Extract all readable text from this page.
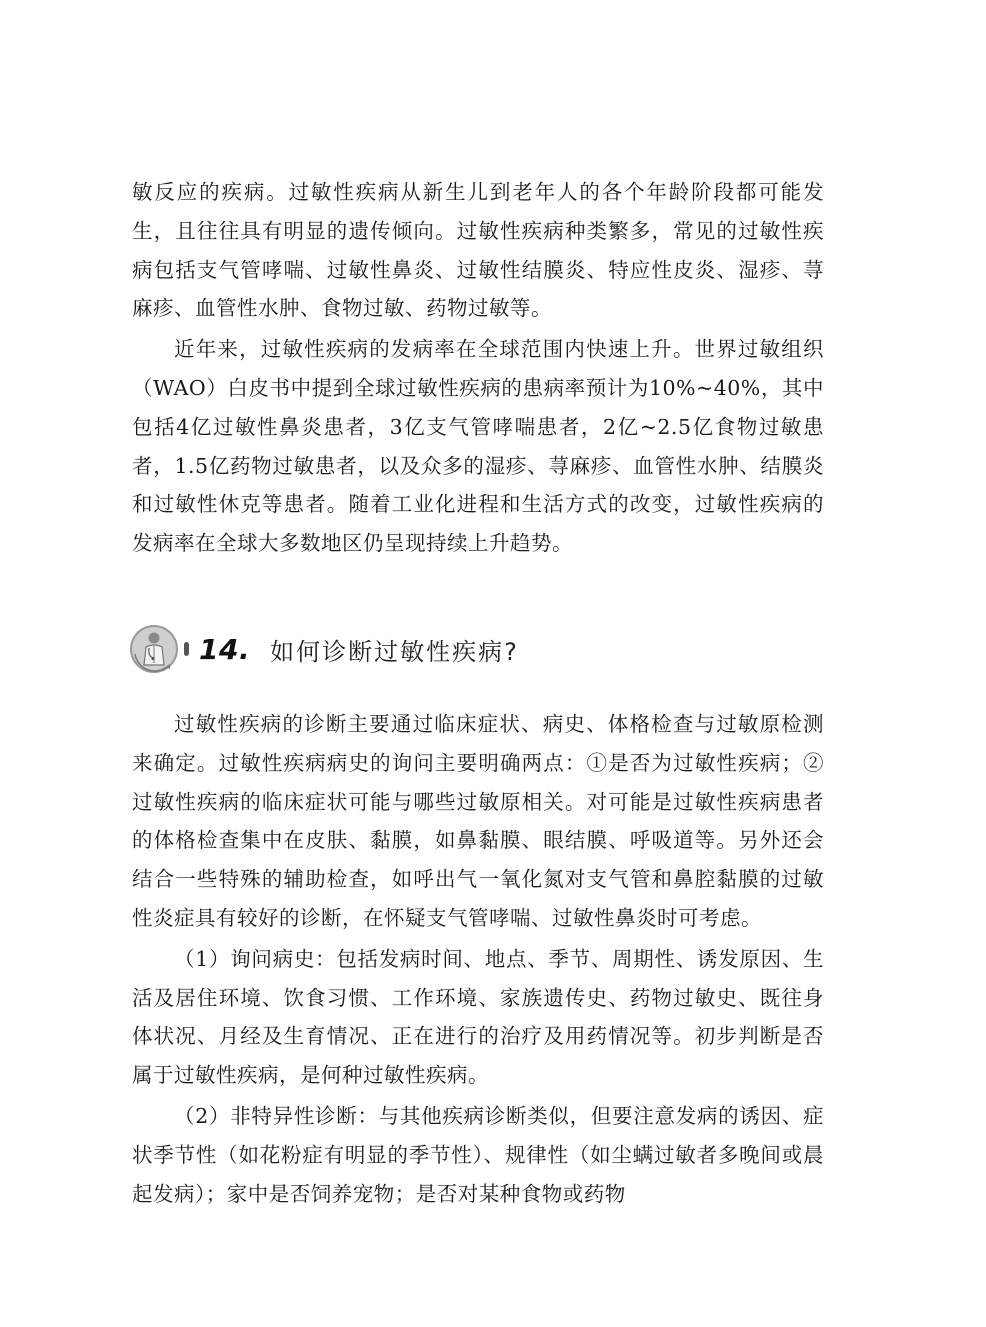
敏反应的疾病。过敏性疾病从新生儿到老年人的各个年龄阶段都可能发生，且往往具有明显的遗传倾向。过敏性疾病种类繁多，常见的过敏性疾病包括支气管哮喘、过敏性鼻炎、过敏性结膜炎、特应性皮炎、湿疹、荨麻疹、血管性水肿、食物过敏、药物过敏等。

近年来，过敏性疾病的发病率在全球范围内快速上升。世界过敏组织（WAO）白皮书中提到全球过敏性疾病的患病率预计为10%~40%，其中包括4亿过敏性鼻炎患者，3亿支气管哮喘患者，2亿~2.5亿食物过敏患者，1.5亿药物过敏患者，以及众多的湿疹、荨麻疹、血管性水肿、结膜炎和过敏性休克等患者。随着工业化进程和生活方式的改变，过敏性疾病的发病率在全球大多数地区仍呈现持续上升趋势。

14. 如何诊断过敏性疾病?

过敏性疾病的诊断主要通过临床症状、病史、体格检查与过敏原检测来确定。过敏性疾病病史的询问主要明确两点：①是否为过敏性疾病；②过敏性疾病的临床症状可能与哪些过敏原相关。对可能是过敏性疾病患者的体格检查集中在皮肤、黏膜，如鼻黏膜、眼结膜、呼吸道等。另外还会结合一些特殊的辅助检查，如呼出气一氧化氮对支气管和鼻腔黏膜的过敏性炎症具有较好的诊断，在怀疑支气管哮喘、过敏性鼻炎时可考虑。

（1）询问病史：包括发病时间、地点、季节、周期性、诱发原因、生活及居住环境、饮食习惯、工作环境、家族遗传史、药物过敏史、既往身体状况、月经及生育情况、正在进行的治疗及用药情况等。初步判断是否属于过敏性疾病，是何种过敏性疾病。

（2）非特异性诊断：与其他疾病诊断类似，但要注意发病的诱因、症状季节性（如花粉症有明显的季节性）、规律性（如尘螨过敏者多晚间或晨起发病）；家中是否饲养宠物；是否对某种食物或药物
